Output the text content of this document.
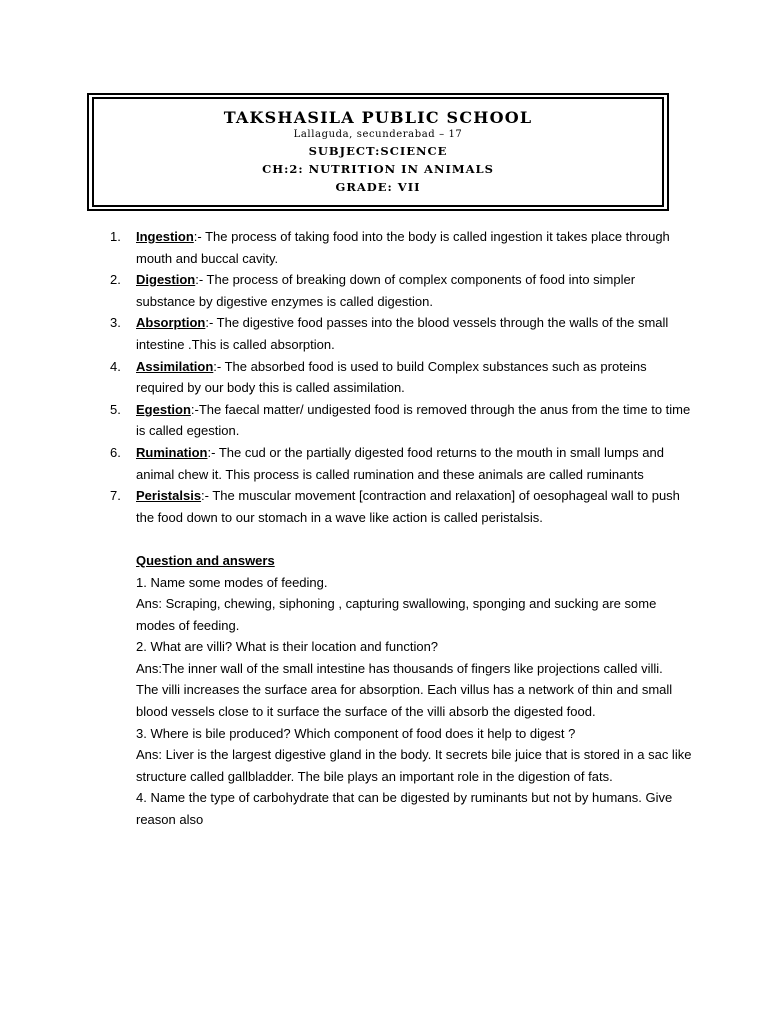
TAKSHASILA PUBLIC SCHOOL
Lallaguda, secunderabad – 17
SUBJECT:SCIENCE
CH:2: NUTRITION IN ANIMALS
GRADE: VII
1. Ingestion:- The process of taking food into the body is called ingestion it takes place through mouth and buccal cavity.
2. Digestion:- The process of breaking down of complex components of food into simpler substance by digestive enzymes is called digestion.
3. Absorption:- The digestive food passes into the blood vessels through the walls of the small intestine .This is called absorption.
4. Assimilation:- The absorbed food is used to build Complex substances such as proteins required by our body this is called assimilation.
5. Egestion:-The faecal matter/ undigested food is removed through the anus from the time to time is called egestion.
6. Rumination:- The cud or the partially digested food returns to the mouth in small lumps and animal chew it. This process is called rumination and these animals are called ruminants
7. Peristalsis:- The muscular movement [contraction and relaxation] of oesophageal wall to push the food down to our stomach in a wave like action is called peristalsis.

Question and answers

1. Name some modes of feeding.

Ans: Scraping, chewing, siphoning , capturing swallowing, sponging and sucking are some modes of feeding.

2. What are villi? What is their location and function?

Ans:The inner wall of the small intestine has thousands of fingers like projections called villi.

The villi increases the surface area for absorption. Each villus has a network of thin and small blood vessels close to it surface the surface of the villi absorb the digested food.

3. Where is bile produced? Which component of food does it help to digest ?

Ans: Liver is the largest digestive gland in the body. It secrets bile juice that is stored in a sac like structure called gallbladder. The bile plays an important role in the digestion of fats.

4. Name the type of carbohydrate that can be digested by ruminants but not by humans. Give reason also
